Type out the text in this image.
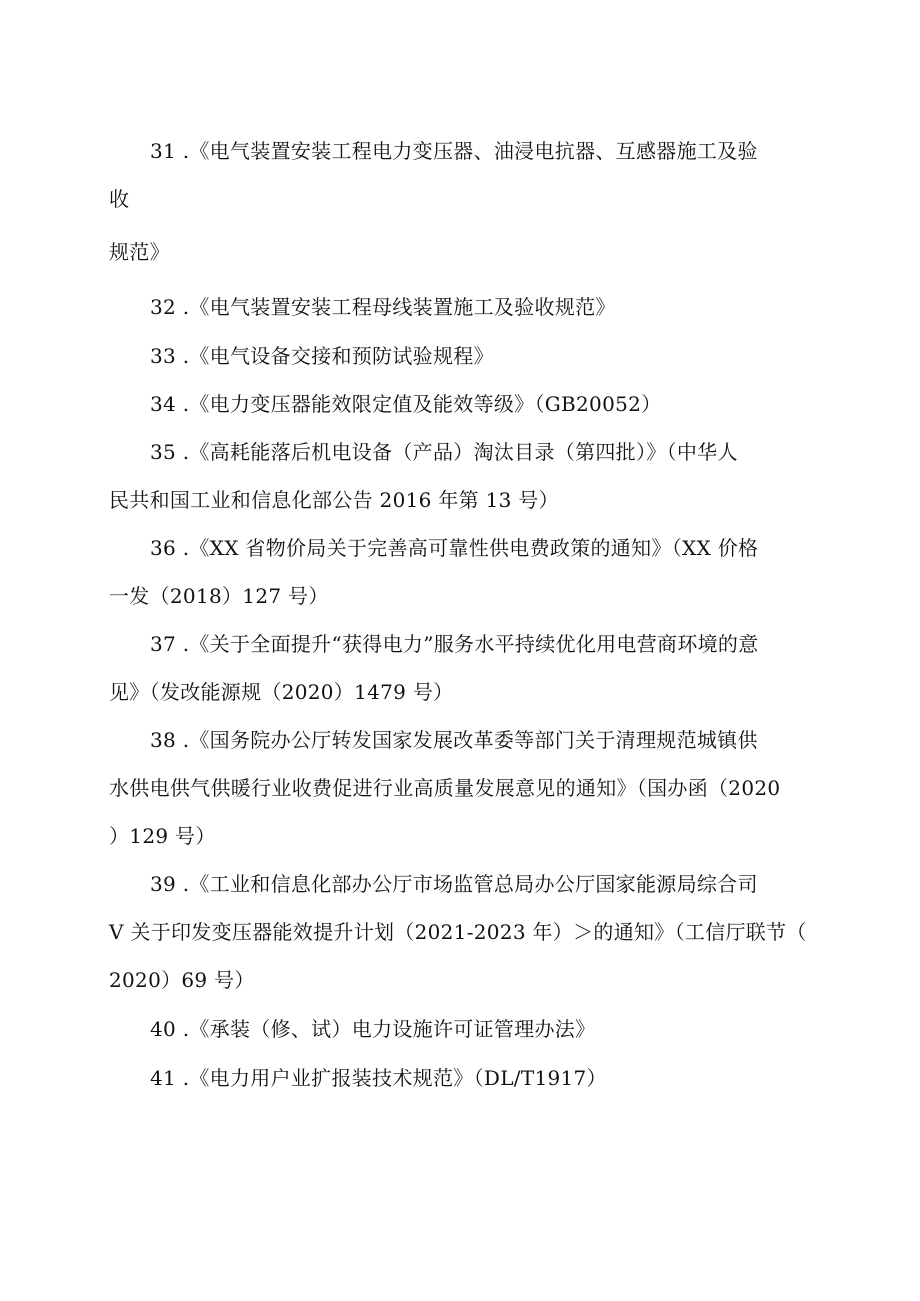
31 .《电气装置安装工程电力变压器、油浸电抗器、互感器施工及验
收
规范》
32 .《电气装置安装工程母线装置施工及验收规范》
33 .《电气设备交接和预防试验规程》
34 .《电力变压器能效限定值及能效等级》（GB20052）
35 .《高耗能落后机电设备（产品）淘汰目录（第四批）》（中华人
民共和国工业和信息化部公告 2016 年第 13 号）
36 .《XX 省物价局关于完善高可靠性供电费政策的通知》（XX 价格
一发（2018）127 号）
37 .《关于全面提升“获得电力”服务水平持续优化用电营商环境的意
见》（发改能源规（2020）1479 号）
38 .《国务院办公厅转发国家发展改革委等部门关于清理规范城镇供
水供电供气供暖行业收费促进行业高质量发展意见的通知》（国办函（2020
）129 号）
39 .《工业和信息化部办公厅市场监管总局办公厅国家能源局综合司
V 关于印发变压器能效提升计划（2021-2023 年）＞的通知》（工信厅联节（
2020）69 号）
40 .《承装（修、试）电力设施许可证管理办法》
41 .《电力用户业扩报装技术规范》（DL/T1917）
